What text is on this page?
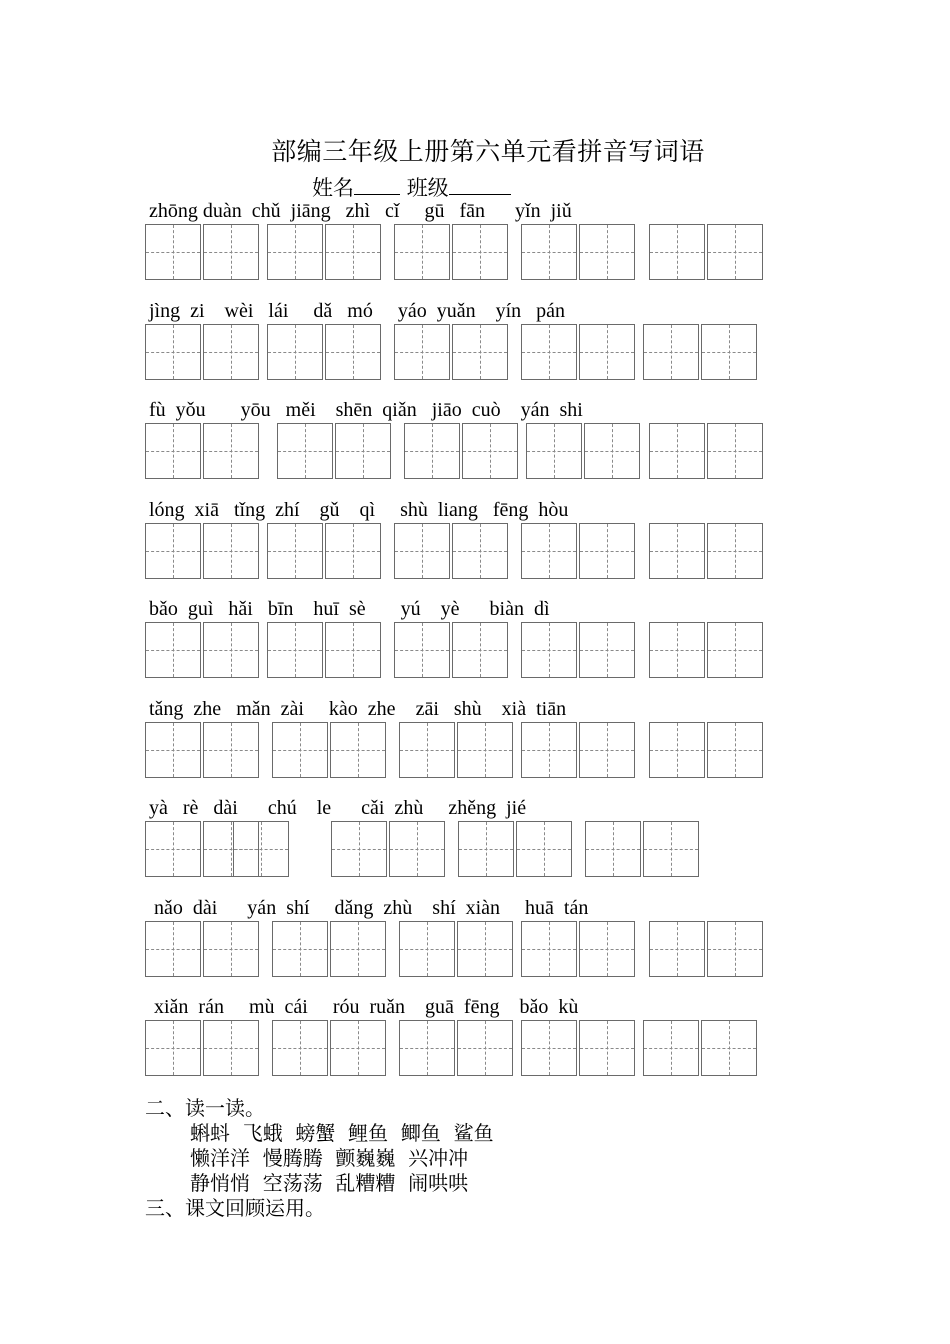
部编三年级上册第六单元看拼音写词语
姓名	班级
zhōng duàn  chǔ  jiāng   zhì   cǐ     gū   fān      yǐn  jiǔ
jìng  zi    wèi   lái     dǎ   mó     yáo  yuǎn    yín   pán
fù  yǒu       yōu   měi    shēn  qiǎn   jiāo  cuò    yán  shi
lóng  xiā   tǐng  zhí    gǔ    qì     shù  liang   fēng  hòu
bǎo  guì   hǎi   bīn    huī  sè       yú    yè      biàn  dì
tǎng  zhe   mǎn  zài     kào  zhe    zāi   shù    xià  tiān
yà   rè   dài      chú    le      cǎi  zhù     zhěng  jié
nǎo  dài      yán  shí     dǎng  zhù    shí  xiàn     huā  tán
xiǎn  rán     mù  cái     róu  ruǎn    guā  fēng    bǎo  kù
二、读一读。
蝌蚪  飞蛾  螃蟹  鲤鱼  鲫鱼  鲨鱼
懒洋洋  慢腾腾  颤巍巍  兴冲冲
静悄悄  空荡荡  乱糟糟  闹哄哄
三、课文回顾运用。
